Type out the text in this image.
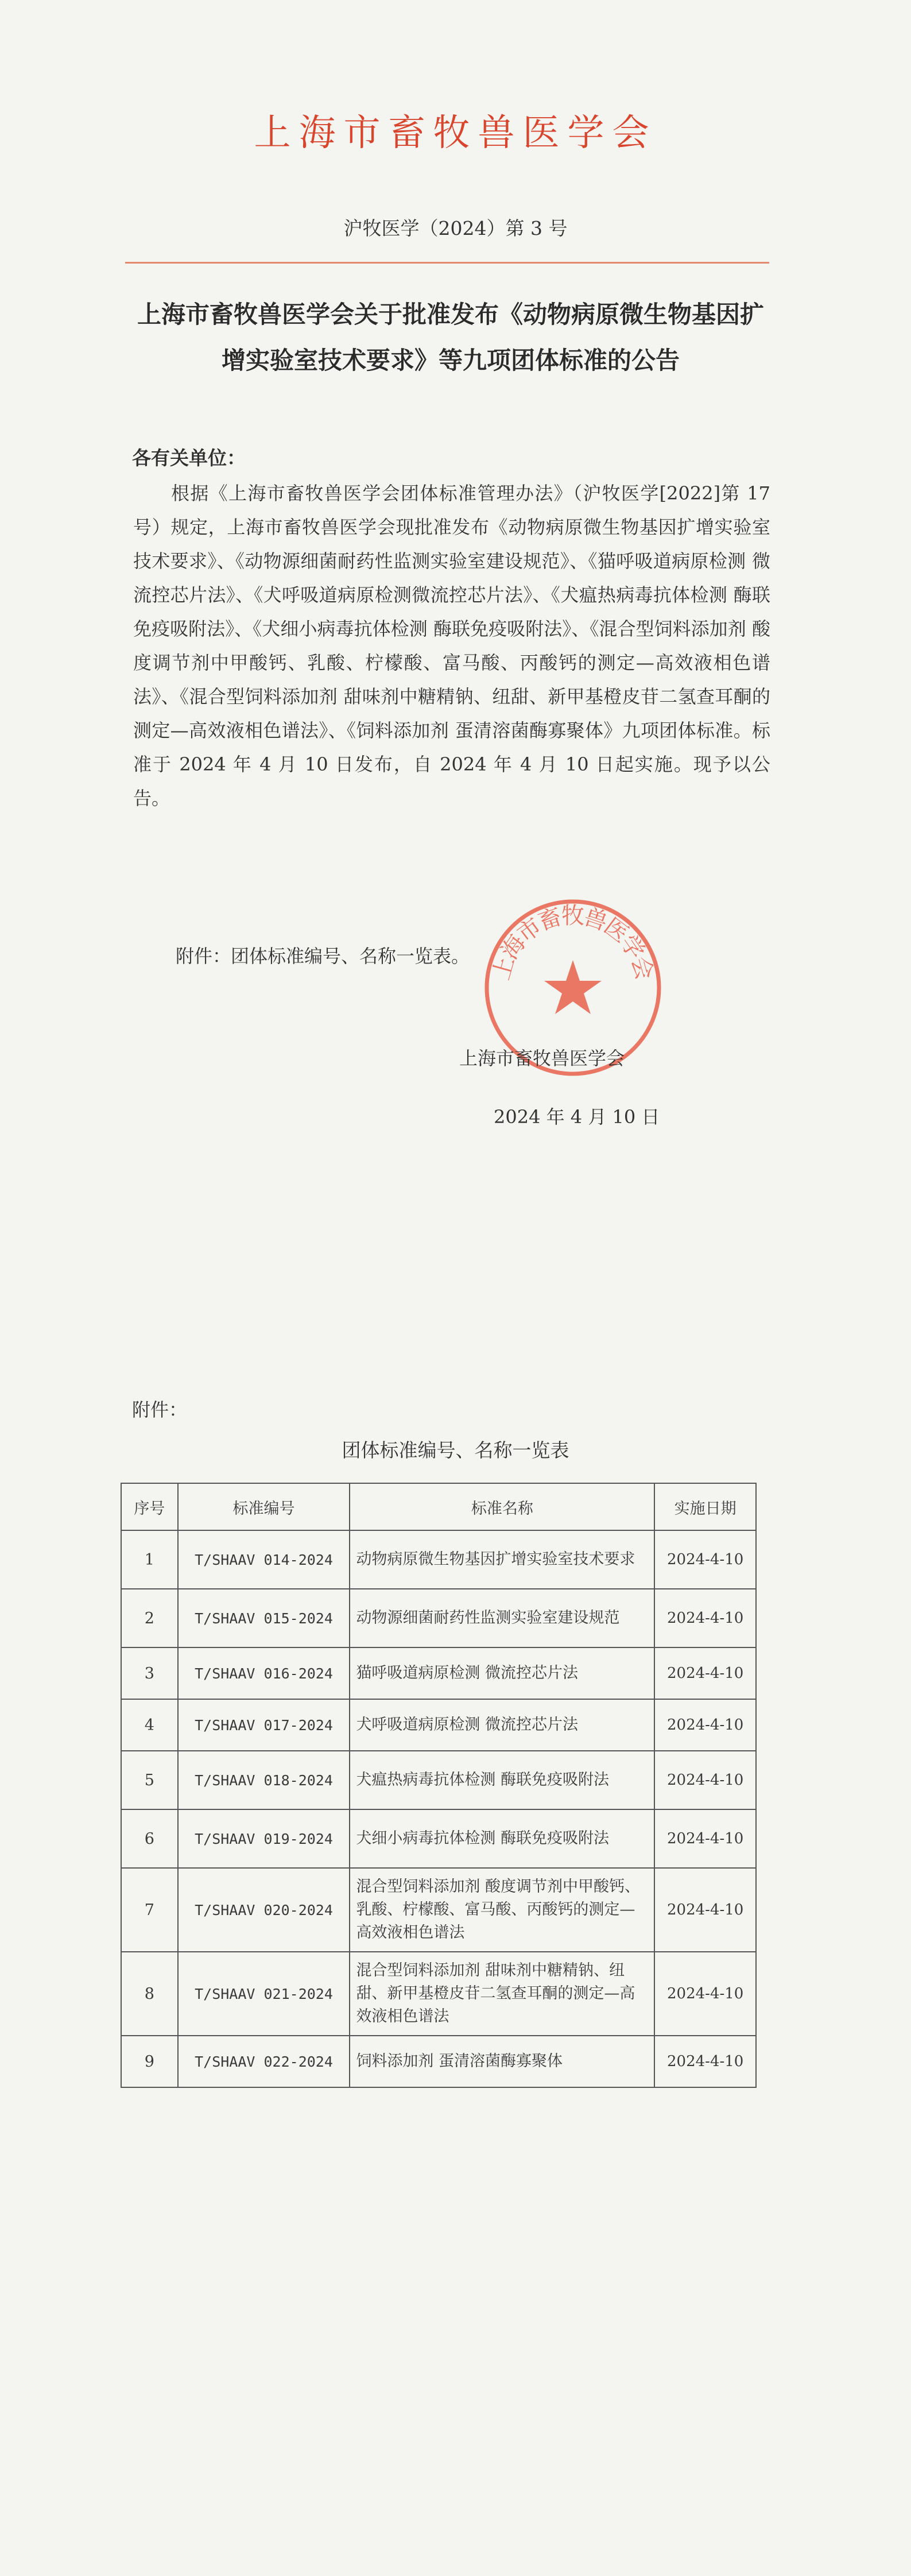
上海市畜牧兽医学会
沪牧医学（2024）第 3 号
上海市畜牧兽医学会关于批准发布《动物病原微生物基因扩增实验室技术要求》等九项团体标准的公告
各有关单位：
根据《上海市畜牧兽医学会团体标准管理办法》（沪牧医学[2022]第 17 号）规定，上海市畜牧兽医学会现批准发布《动物病原微生物基因扩增实验室技术要求》、《动物源细菌耐药性监测实验室建设规范》、《猫呼吸道病原检测 微流控芯片法》、《犬呼吸道病原检测微流控芯片法》、《犬瘟热病毒抗体检测 酶联免疫吸附法》、《犬细小病毒抗体检测 酶联免疫吸附法》、《混合型饲料添加剂 酸度调节剂中甲酸钙、乳酸、柠檬酸、富马酸、丙酸钙的测定—高效液相色谱法》、《混合型饲料添加剂 甜味剂中糖精钠、纽甜、新甲基橙皮苷二氢查耳酮的测定—高效液相色谱法》、《饲料添加剂 蛋清溶菌酶寡聚体》九项团体标准。标准于 2024 年 4 月 10 日发布，自 2024 年 4 月 10 日起实施。现予以公告。
附件：团体标准编号、名称一览表。 上海市畜牧兽医学会
上海市畜牧兽医学会
2024 年 4 月 10 日
附件：
团体标准编号、名称一览表
序号	标准编号	标准名称	实施日期
1	T/SHAAV 014-2024	动物病原微生物基因扩增实验室技术要求	2024-4-10
2	T/SHAAV 015-2024	动物源细菌耐药性监测实验室建设规范	2024-4-10
3	T/SHAAV 016-2024	猫呼吸道病原检测 微流控芯片法	2024-4-10
4	T/SHAAV 017-2024	犬呼吸道病原检测 微流控芯片法	2024-4-10
5	T/SHAAV 018-2024	犬瘟热病毒抗体检测 酶联免疫吸附法	2024-4-10
6	T/SHAAV 019-2024	犬细小病毒抗体检测 酶联免疫吸附法	2024-4-10
7	T/SHAAV 020-2024	混合型饲料添加剂 酸度调节剂中甲酸钙、乳酸、柠檬酸、富马酸、丙酸钙的测定—高效液相色谱法	2024-4-10
8	T/SHAAV 021-2024	混合型饲料添加剂 甜味剂中糖精钠、纽甜、新甲基橙皮苷二氢查耳酮的测定—高效液相色谱法	2024-4-10
9	T/SHAAV 022-2024	饲料添加剂 蛋清溶菌酶寡聚体	2024-4-10
